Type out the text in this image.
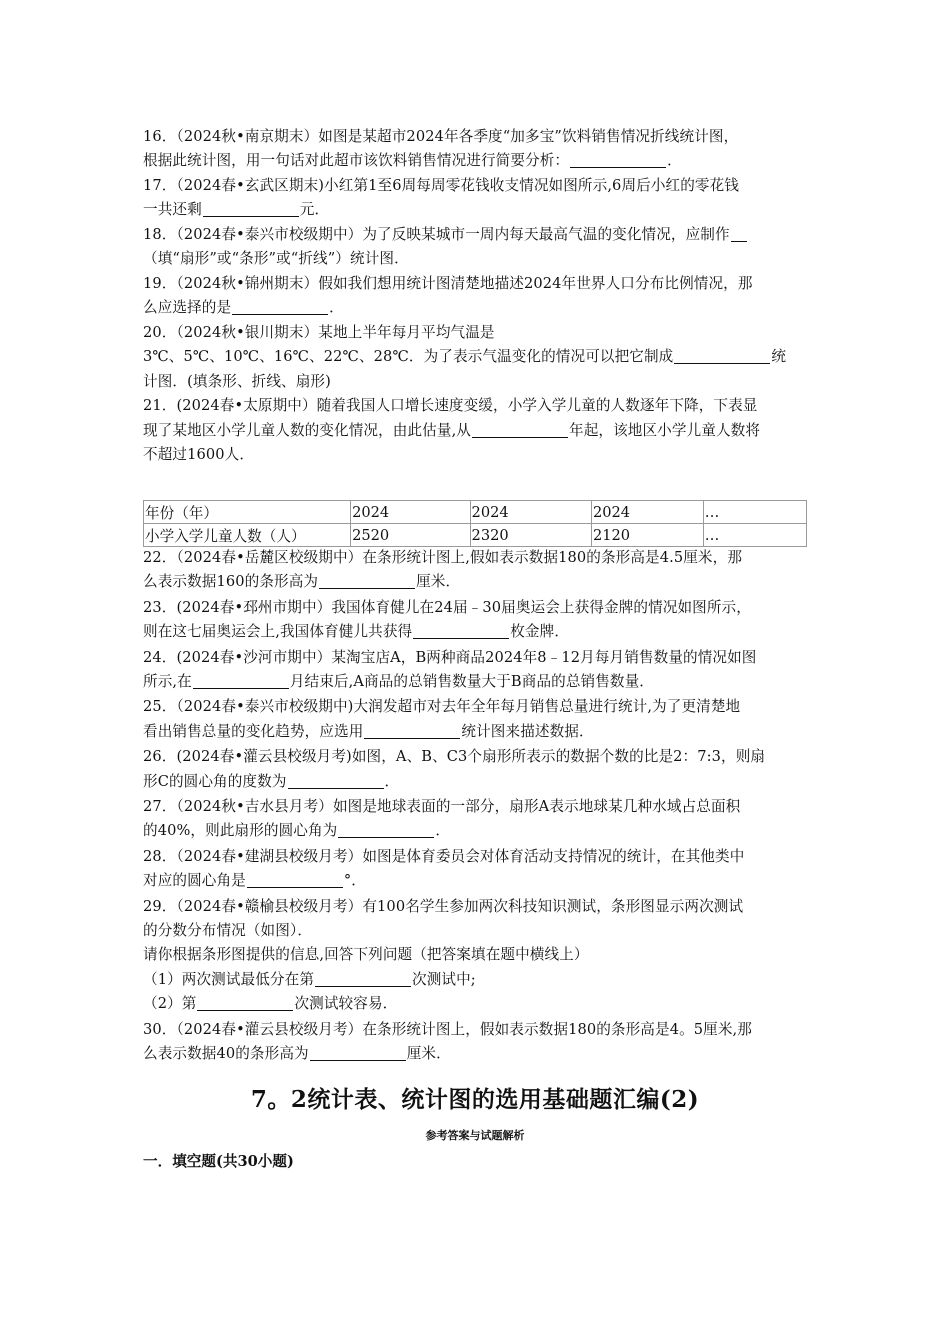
16．（2024秋•南京期末）如图是某超市2024年各季度“加多宝”饮料销售情况折线统计图，
根据此统计图，用一句话对此超市该饮料销售情况进行简要分析：	．
17．（2024春•玄武区期末)小红第1至6周每周零花钱收支情况如图所示,6周后小红的零花钱
一共还剩	元．
18．（2024春•泰兴市校级期中）为了反映某城市一周内每天最高气温的变化情况，应制作
（填“扇形”或“条形”或“折线”）统计图．
19．（2024秋•锦州期末）假如我们想用统计图清楚地描述2024年世界人口分布比例情况，那
么应选择的是	．
20．（2024秋•银川期末）某地上半年每月平均气温是
3℃、5℃、10℃、16℃、22℃、28℃．为了表示气温变化的情况可以把它制成	统
计图．(填条形、折线、扇形)
21．(2024春•太原期中）随着我国人口增长速度变缓，小学入学儿童的人数逐年下降，下表显
现了某地区小学儿童人数的变化情况，由此估量,从	年起，该地区小学儿童人数将
不超过1600人．
年份（年）	2024	2024	2024	…
小学入学儿童人数（人）	2520	2320	2120	…
22．（2024春•岳麓区校级期中）在条形统计图上,假如表示数据180的条形高是4.5厘米，那
么表示数据160的条形高为	厘米．
23．(2024春•邳州市期中）我国体育健儿在24届﹣30届奥运会上获得金牌的情况如图所示，
则在这七届奥运会上,我国体育健儿共获得	枚金牌．
24．(2024春•沙河市期中）某淘宝店A，B两种商品2024年8﹣12月每月销售数量的情况如图
所示,在	月结束后,A商品的总销售数量大于B商品的总销售数量．
25．（2024春•泰兴市校级期中)大润发超市对去年全年每月销售总量进行统计,为了更清楚地
看出销售总量的变化趋势，应选用	统计图来描述数据．
26．(2024春•灌云县校级月考)如图，A、B、C3个扇形所表示的数据个数的比是2：7:3，则扇
形C的圆心角的度数为	．
27．（2024秋•吉水县月考）如图是地球表面的一部分，扇形A表示地球某几种水域占总面积
的40%，则此扇形的圆心角为	．
28．（2024春•建湖县校级月考）如图是体育委员会对体育活动支持情况的统计，在其他类中
对应的圆心角是	°．
29．（2024春•赣榆县校级月考）有100名学生参加两次科技知识测试，条形图显示两次测试
的分数分布情况（如图）．
请你根据条形图提供的信息,回答下列问题（把答案填在题中横线上）
（1）两次测试最低分在第	次测试中;
（2）第	次测试较容易．
30．（2024春•灌云县校级月考）在条形统计图上，假如表示数据180的条形高是4。5厘米,那
么表示数据40的条形高为	厘米．
7。2统计表、统计图的选用基础题汇编(2)
参考答案与试题解析
一．填空题(共30小题)
